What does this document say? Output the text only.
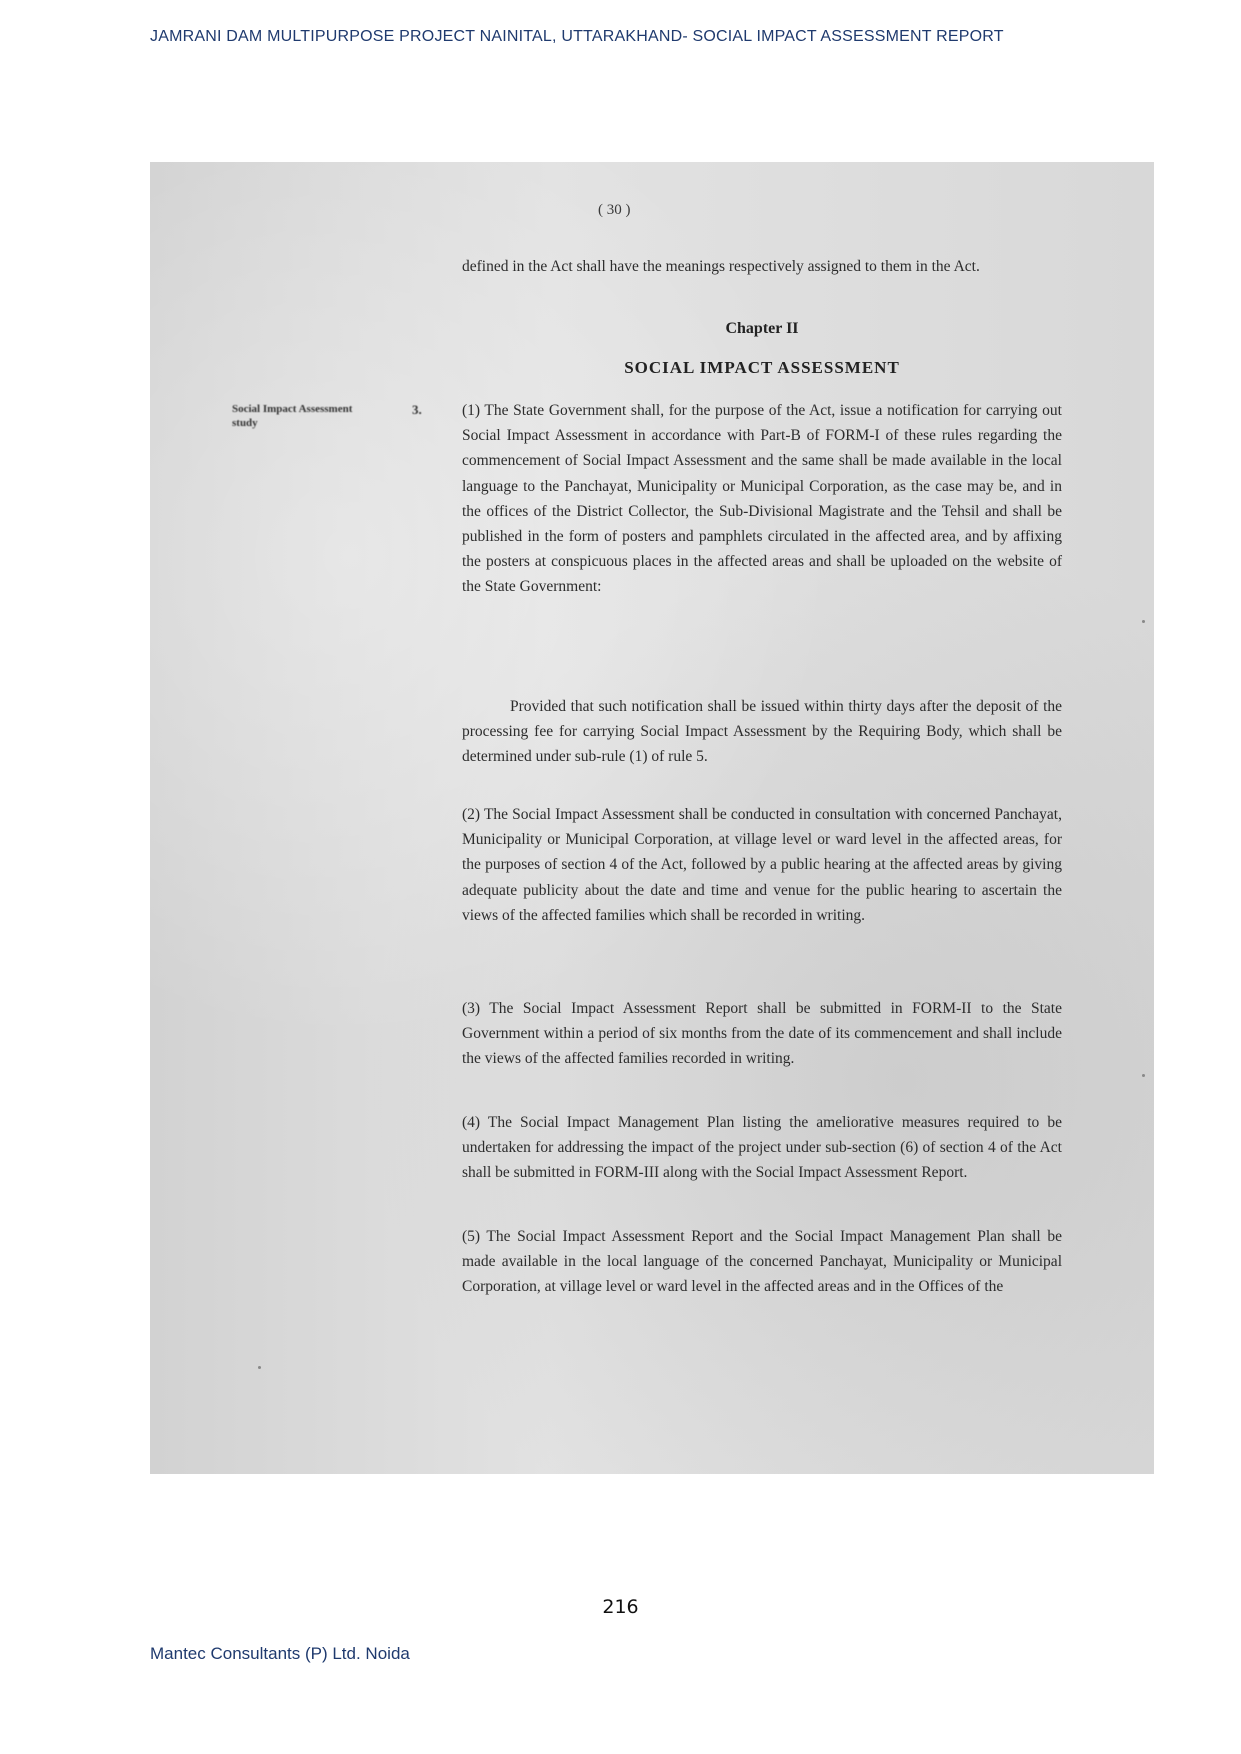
JAMRANI DAM MULTIPURPOSE PROJECT NAINITAL, UTTARAKHAND- SOCIAL IMPACT ASSESSMENT REPORT
( 30 )

defined in the Act shall have the meanings respectively assigned to them in the Act.

Chapter II
SOCIAL IMPACT ASSESSMENT
Social Impact Assessment study
3.	(1) The State Government shall, for the purpose of the Act, issue a notification for carrying out Social Impact Assessment in accordance with Part-B of FORM-I of these rules regarding the commencement of Social Impact Assessment and the same shall be made available in the local language to the Panchayat, Municipality or Municipal Corporation, as the case may be, and in the offices of the District Collector, the Sub-Divisional Magistrate and the Tehsil and shall be published in the form of posters and pamphlets circulated in the affected area, and by affixing the posters at conspicuous places in the affected areas and shall be uploaded on the website of the State Government:

Provided that such notification shall be issued within thirty days after the deposit of the processing fee for carrying Social Impact Assessment by the Requiring Body, which shall be determined under sub-rule (1) of rule 5.

(2) The Social Impact Assessment shall be conducted in consultation with concerned Panchayat, Municipality or Municipal Corporation, at village level or ward level in the affected areas, for the purposes of section 4 of the Act, followed by a public hearing at the affected areas by giving adequate publicity about the date and time and venue for the public hearing to ascertain the views of the affected families which shall be recorded in writing.

(3) The Social Impact Assessment Report shall be submitted in FORM-II to the State Government within a period of six months from the date of its commencement and shall include the views of the affected families recorded in writing.

(4) The Social Impact Management Plan listing the ameliorative measures required to be undertaken for addressing the impact of the project under sub-section (6) of section 4 of the Act shall be submitted in FORM-III along with the Social Impact Assessment Report.

(5) The Social Impact Assessment Report and the Social Impact Management Plan shall be made available in the local language of the concerned Panchayat, Municipality or Municipal Corporation, at village level or ward level in the affected areas and in the Offices of the

216
Mantec Consultants (P) Ltd. Noida
